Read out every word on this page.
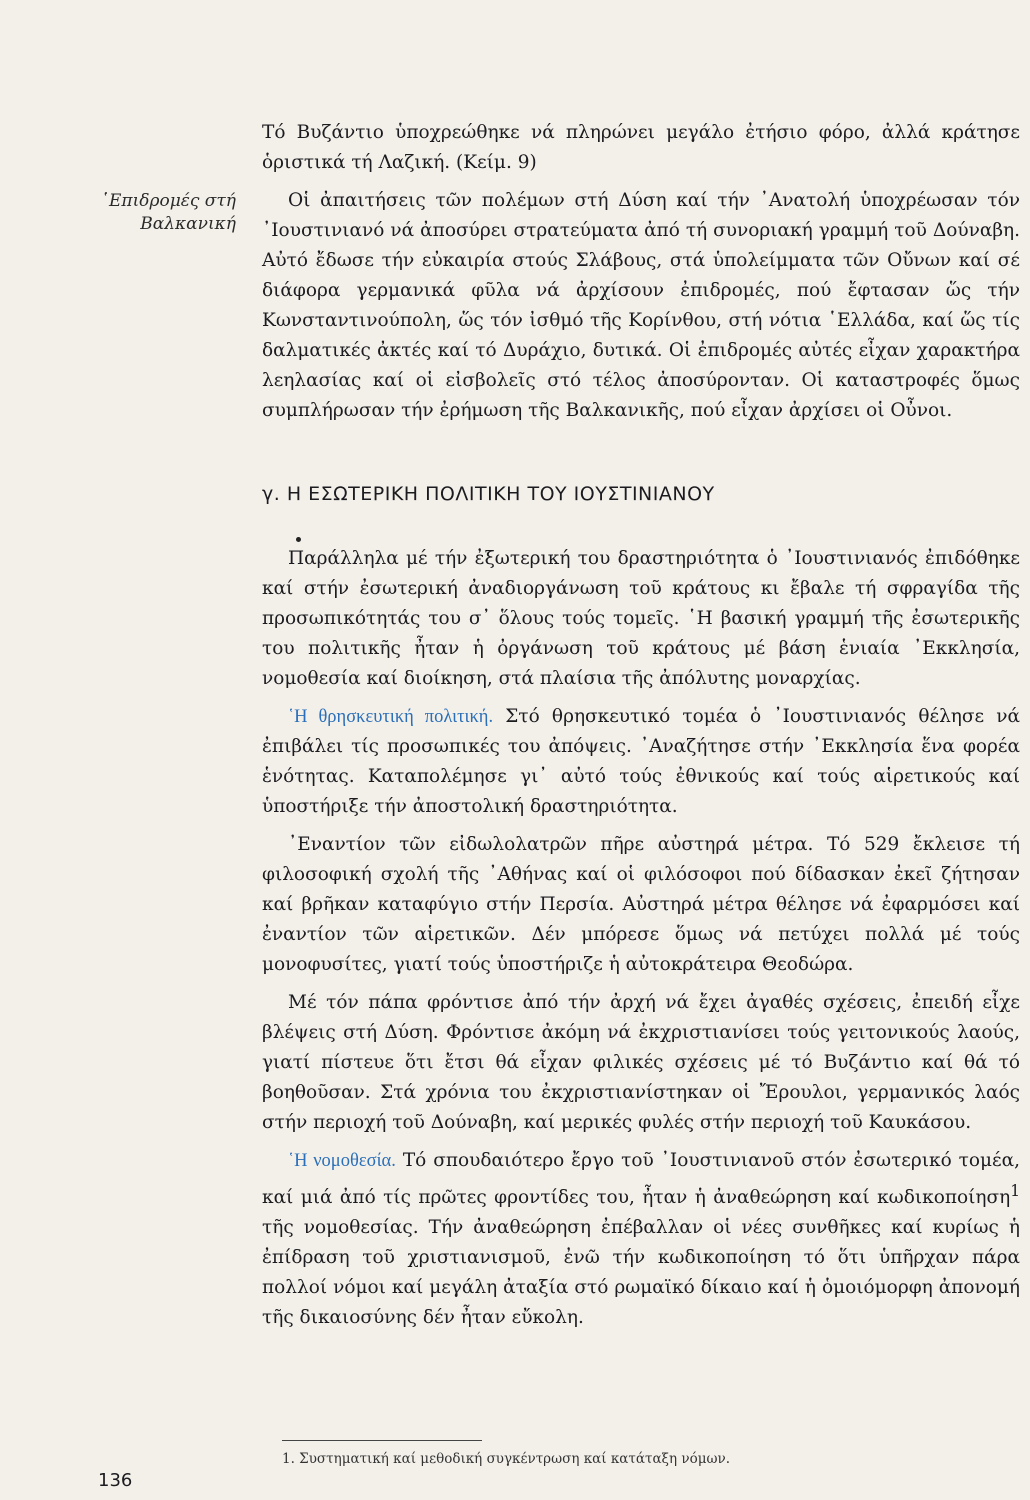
῾Επιδρομές στή
Βαλκανική

Τό Βυζάντιο ὑποχρεώθηκε νά πληρώνει μεγάλο ἐτήσιο φόρο, ἀλλά κράτησε ὁριστικά τή Λαζική. (Κείμ. 9)

Οἱ ἀπαιτήσεις τῶν πολέμων στή Δύση καί τήν ᾿Ανατολή ὑποχρέωσαν τόν ᾿Ιουστινιανό νά ἀποσύρει στρατεύματα ἀπό τή συνοριακή γραμμή τοῦ Δούναβη. Αὐτό ἔδωσε τήν εὐκαιρία στούς Σλάβους, στά ὑπολείμματα τῶν Οὔνων καί σέ διάφορα γερμανικά φῦλα νά ἀρχίσουν ἐπιδρομές, πού ἔφτασαν ὥς τήν Κωνσταντινούπολη, ὥς τόν ἰσθμό τῆς Κορίνθου, στή νότια ῾Ελλάδα, καί ὥς τίς δαλματικές ἀκτές καί τό Δυράχιο, δυτικά. Οἱ ἐπιδρομές αὐτές εἶχαν χαρακτήρα λεηλασίας καί οἱ εἰσβολεῖς στό τέλος ἀποσύρονταν. Οἱ καταστροφές ὅμως συμπλήρωσαν τήν ἐρήμωση τῆς Βαλκανικῆς, πού εἶχαν ἀρχίσει οἱ Οὖνοι.

γ. Η ΕΣΩΤΕΡΙΚΗ ΠΟΛΙΤΙΚΗ ΤΟΥ ΙΟΥΣΤΙΝΙΑΝΟΥ

Παράλληλα μέ τήν ἐξωτερική του δραστηριότητα ὁ ᾿Ιουστινιανός ἐπιδόθηκε καί στήν ἐσωτερική ἀναδιοργάνωση τοῦ κράτους κι ἔβαλε τή σφραγίδα τῆς προσωπικότητάς του σ᾿ ὅλους τούς τομεῖς. ῾Η βασική γραμμή τῆς ἐσωτερικῆς του πολιτικῆς ἦταν ἡ ὀργάνωση τοῦ κράτους μέ βάση ἑνιαία ᾿Εκκλησία, νομοθεσία καί διοίκηση, στά πλαίσια τῆς ἀπόλυτης μοναρχίας.

῾Η θρησκευτική πολιτική. Στό θρησκευτικό τομέα ὁ ᾿Ιουστινιανός θέλησε νά ἐπιβάλει τίς προσωπικές του ἀπόψεις. ᾿Αναζήτησε στήν ᾿Εκκλησία ἕνα φορέα ἑνότητας. Καταπολέμησε γι᾿ αὐτό τούς ἐθνικούς καί τούς αἱρετικούς καί ὑποστήριξε τήν ἀποστολική δραστηριότητα.

᾿Εναντίον τῶν εἰδωλολατρῶν πῆρε αὐστηρά μέτρα. Τό 529 ἔκλεισε τή φιλοσοφική σχολή τῆς ᾿Αθήνας καί οἱ φιλόσοφοι πού δίδασκαν ἐκεῖ ζήτησαν καί βρῆκαν καταφύγιο στήν Περσία. Αὐστηρά μέτρα θέλησε νά ἐφαρμόσει καί ἐναντίον τῶν αἱρετικῶν. Δέν μπόρεσε ὅμως νά πετύχει πολλά μέ τούς μονοφυσίτες, γιατί τούς ὑποστήριζε ἡ αὐτοκράτειρα Θεοδώρα.

Μέ τόν πάπα φρόντισε ἀπό τήν ἀρχή νά ἔχει ἀγαθές σχέσεις, ἐπειδή εἶχε βλέψεις στή Δύση. Φρόντισε ἀκόμη νά ἐκχριστιανίσει τούς γειτονικούς λαούς, γιατί πίστευε ὅτι ἔτσι θά εἶχαν φιλικές σχέσεις μέ τό Βυζάντιο καί θά τό βοηθοῦσαν. Στά χρόνια του ἐκχριστιανίστηκαν οἱ Ἔρουλοι, γερμανικός λαός στήν περιοχή τοῦ Δούναβη, καί μερικές φυλές στήν περιοχή τοῦ Καυκάσου.

῾Η νομοθεσία. Τό σπουδαιότερο ἔργο τοῦ ᾿Ιουστινιανοῦ στόν ἐσωτερικό τομέα, καί μιά ἀπό τίς πρῶτες φροντίδες του, ἦταν ἡ ἀναθεώρηση καί κωδικοποίηση$^1$ τῆς νομοθεσίας. Τήν ἀναθεώρηση ἐπέβαλλαν οἱ νέες συνθῆκες καί κυρίως ἡ ἐπίδραση τοῦ χριστιανισμοῦ, ἐνῶ τήν κωδικοποίηση τό ὅτι ὑπῆρχαν πάρα πολλοί νόμοι καί μεγάλη ἀταξία στό ρωμαϊκό δίκαιο καί ἡ ὁμοιόμορφη ἀπονομή τῆς δικαιοσύνης δέν ἦταν εὔκολη.

1. Συστηματική καί μεθοδική συγκέντρωση καί κατάταξη νόμων.
136
